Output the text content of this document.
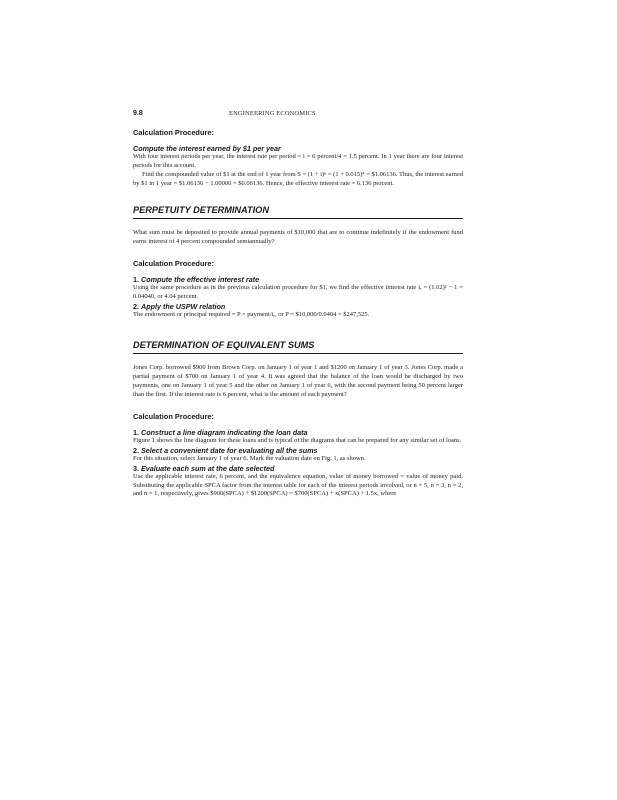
9.8	ENGINEERING ECONOMICS

Calculation Procedure:

Compute the interest earned by $1 per year

With four interest periods per year, the interest rate per period = i = 6 percent/4 = 1.5 percent. In 1 year there are four interest periods for this account.

Find the compounded value of $1 at the end of 1 year from S = (1 + i)ⁿ = (1 + 0.015)⁴ = $1.06136. Thus, the interest earned by $1 in 1 year = $1.06136 − 1.00000 = $0.06136. Hence, the effective interest rate = 6.136 percent.

PERPETUITY DETERMINATION

What sum must be deposited to provide annual payments of $10,000 that are to continue indefinitely if the endowment fund earns interest of 4 percent compounded semiannually?

Calculation Procedure:

1. Compute the effective interest rate

Using the same procedure as in the previous calculation procedure for $1, we find the effective interest rate iₑ = (1.02)² − 1 = 0.04040, or 4.04 percent.

2. Apply the USPW relation

The endowment or principal required = P = payment/iₑ, or P = $10,000/0.0404 = $247,525.

DETERMINATION OF EQUIVALENT SUMS

Jones Corp. borrowed $900 from Brown Corp. on January 1 of year 1 and $1200 on January 1 of year 3. Jones Corp. made a partial payment of $700 on January 1 of year 4. It was agreed that the balance of the loan would be discharged by two payments, one on January 1 of year 5 and the other on January 1 of year 6, with the second payment being 50 percent larger than the first. If the interest rate is 6 percent, what is the amount of each payment?

Calculation Procedure:

1. Construct a line diagram indicating the loan data

Figure 1 shows the line diagram for these loans and is typical of the diagrams that can be prepared for any similar set of loans.

2. Select a convenient date for evaluating all the sums

For this situation, select January 1 of year 6. Mark the valuation date on Fig. 1, as shown.

3. Evaluate each sum at the date selected

Use the applicable interest rate, 6 percent, and the equivalence equation, value of money borrowed = value of money paid. Substituting the applicable SPCA factor from the interest table for each of the interest periods involved, or n = 5, n = 3, n = 2, and n = 1, respectively, gives $900(SPCA) + $1200(SPCA) = $700(SPCA) + x(SPCA) + 1.5x, where
